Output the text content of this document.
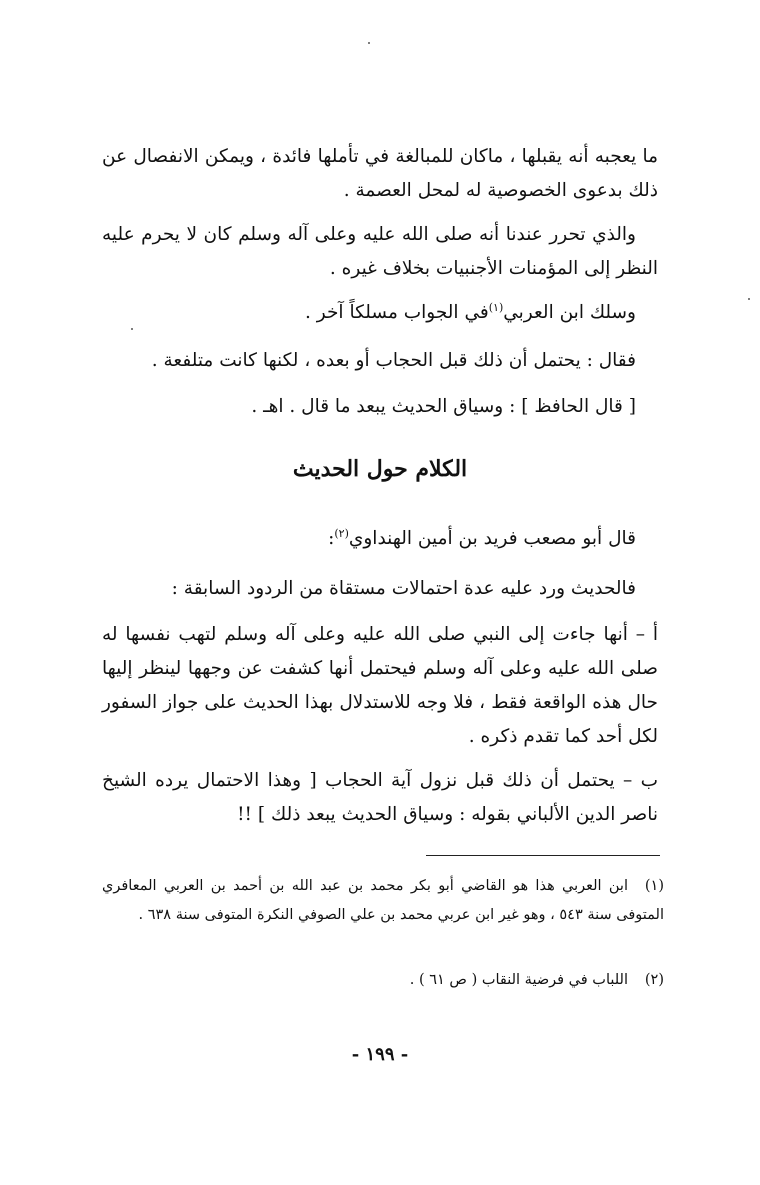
ما يعجبه أنه يقبلها ، ماكان للمبالغة في تأملها فائدة ، ويمكن الانفصال عن ذلك بدعوى الخصوصية له لمحل العصمة .

والذي تحرر عندنا أنه صلى الله عليه وعلى آله وسلم كان لا يحرم عليه النظر إلى المؤمنات الأجنبيات بخلاف غيره .

وسلك ابن العربي$^{(١)}$في الجواب مسلكاً آخر .

فقال : يحتمل أن ذلك قبل الحجاب أو بعده ، لكنها كانت متلفعة .

[ قال الحافظ ] : وسياق الحديث يبعد ما قال . اهـ .

الكلام حول الحديث

قال أبو مصعب فريد بن أمين الهنداوي$^{(٢)}$:

فالحديث ورد عليه عدة احتمالات مستقاة من الردود السابقة :

أ – أنها جاءت إلى النبي صلى الله عليه وعلى آله وسلم لتهب نفسها له صلى الله عليه وعلى آله وسلم فيحتمل أنها كشفت عن وجهها لينظر إليها حال هذه الواقعة فقط ، فلا وجه للاستدلال بهذا الحديث على جواز السفور لكل أحد كما تقدم ذكره .

ب – يحتمل أن ذلك قبل نزول آية الحجاب [ وهذا الاحتمال يرده الشيخ ناصر الدين الألباني بقوله : وسياق الحديث يبعد ذلك ] !!

(١)ابن العربي هذا هو القاضي أبو بكر محمد بن عبد الله بن أحمد بن العربي المعافري المتوفى سنة ٥٤٣ ، وهو غير ابن عربي محمد بن علي الصوفي النكرة المتوفى سنة ٦٣٨ .

(٢)اللباب في فرضية النقاب ( ص ٦١ ) .

- ١٩٩ -
